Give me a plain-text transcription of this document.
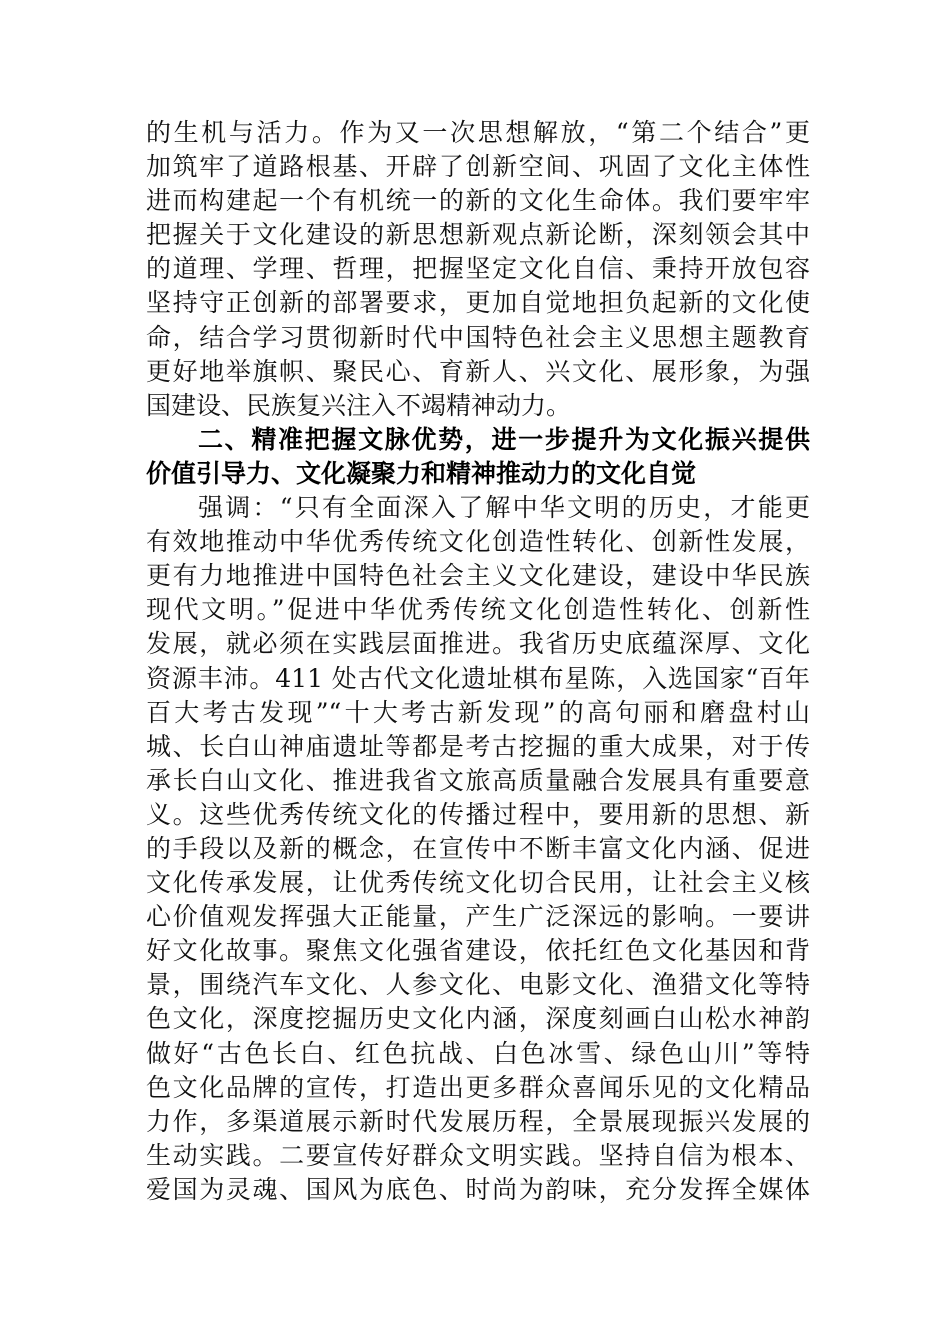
的生机与活力。作为又一次思想解放，“第二个结合”更
加筑牢了道路根基、开辟了创新空间、巩固了文化主体性
进而构建起一个有机统一的新的文化生命体。我们要牢牢
把握关于文化建设的新思想新观点新论断，深刻领会其中
的道理、学理、哲理，把握坚定文化自信、秉持开放包容
坚持守正创新的部署要求，更加自觉地担负起新的文化使
命，结合学习贯彻新时代中国特色社会主义思想主题教育
更好地举旗帜、聚民心、育新人、兴文化、展形象，为强
国建设、民族复兴注入不竭精神动力。
二、精准把握文脉优势，进一步提升为文化振兴提供
价值引导力、文化凝聚力和精神推动力的文化自觉
强调：“只有全面深入了解中华文明的历史，才能更
有效地推动中华优秀传统文化创造性转化、创新性发展，
更有力地推进中国特色社会主义文化建设，建设中华民族
现代文明。”促进中华优秀传统文化创造性转化、创新性
发展，就必须在实践层面推进。我省历史底蕴深厚、文化
资源丰沛。411 处古代文化遗址棋布星陈，入选国家“百年
百大考古发现”“十大考古新发现”的高句丽和磨盘村山
城、长白山神庙遗址等都是考古挖掘的重大成果，对于传
承长白山文化、推进我省文旅高质量融合发展具有重要意
义。这些优秀传统文化的传播过程中，要用新的思想、新
的手段以及新的概念，在宣传中不断丰富文化内涵、促进
文化传承发展，让优秀传统文化切合民用，让社会主义核
心价值观发挥强大正能量，产生广泛深远的影响。一要讲
好文化故事。聚焦文化强省建设，依托红色文化基因和背
景，围绕汽车文化、人参文化、电影文化、渔猎文化等特
色文化，深度挖掘历史文化内涵，深度刻画白山松水神韵
做好“古色长白、红色抗战、白色冰雪、绿色山川”等特
色文化品牌的宣传，打造出更多群众喜闻乐见的文化精品
力作，多渠道展示新时代发展历程，全景展现振兴发展的
生动实践。二要宣传好群众文明实践。坚持自信为根本、
爱国为灵魂、国风为底色、时尚为韵味，充分发挥全媒体
